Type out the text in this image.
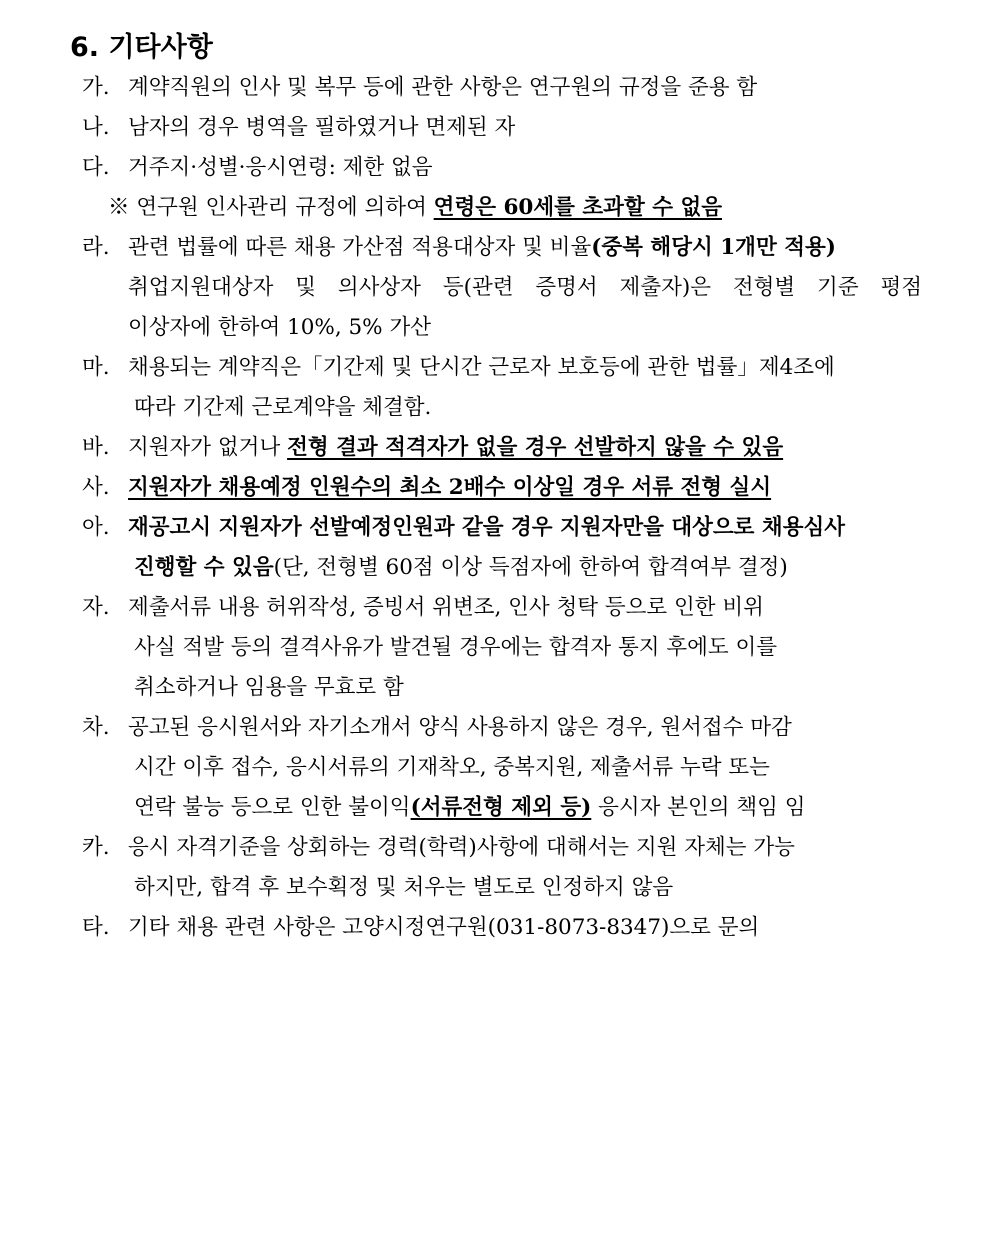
6. 기타사항
가. 계약직원의 인사 및 복무 등에 관한 사항은 연구원의 규정을 준용 함
나. 남자의 경우 병역을 필하였거나 면제된 자
다. 거주지·성별·응시연령: 제한 없음
※ 연구원 인사관리 규정에 의하여 연령은 60세를 초과할 수 없음
라. 관련 법률에 따른 채용 가산점 적용대상자 및 비율(중복 해당시 1개만 적용)
취업지원대상자 및 의사상자 등(관련 증명서 제출자)은 전형별 기준 평점
이상자에 한하여 10%, 5% 가산
마. 채용되는 계약직은「기간제 및 단시간 근로자 보호등에 관한 법률」제4조에
따라 기간제 근로계약을 체결함.
바. 지원자가 없거나 전형 결과 적격자가 없을 경우 선발하지 않을 수 있음
사. 지원자가 채용예정 인원수의 최소 2배수 이상일 경우 서류 전형 실시
아. 재공고시 지원자가 선발예정인원과 같을 경우 지원자만을 대상으로 채용심사
진행할 수 있음(단, 전형별 60점 이상 득점자에 한하여 합격여부 결정)
자. 제출서류 내용 허위작성, 증빙서 위변조, 인사 청탁 등으로 인한 비위
사실 적발 등의 결격사유가 발견될 경우에는 합격자 통지 후에도 이를
취소하거나 임용을 무효로 함
차. 공고된 응시원서와 자기소개서 양식 사용하지 않은 경우, 원서접수 마감
시간 이후 접수, 응시서류의 기재착오, 중복지원, 제출서류 누락 또는
연락 불능 등으로 인한 불이익(서류전형 제외 등) 응시자 본인의 책임 임
카. 응시 자격기준을 상회하는 경력(학력)사항에 대해서는 지원 자체는 가능
하지만, 합격 후 보수획정 및 처우는 별도로 인정하지 않음
타. 기타 채용 관련 사항은 고양시정연구원(031-8073-8347)으로 문의
